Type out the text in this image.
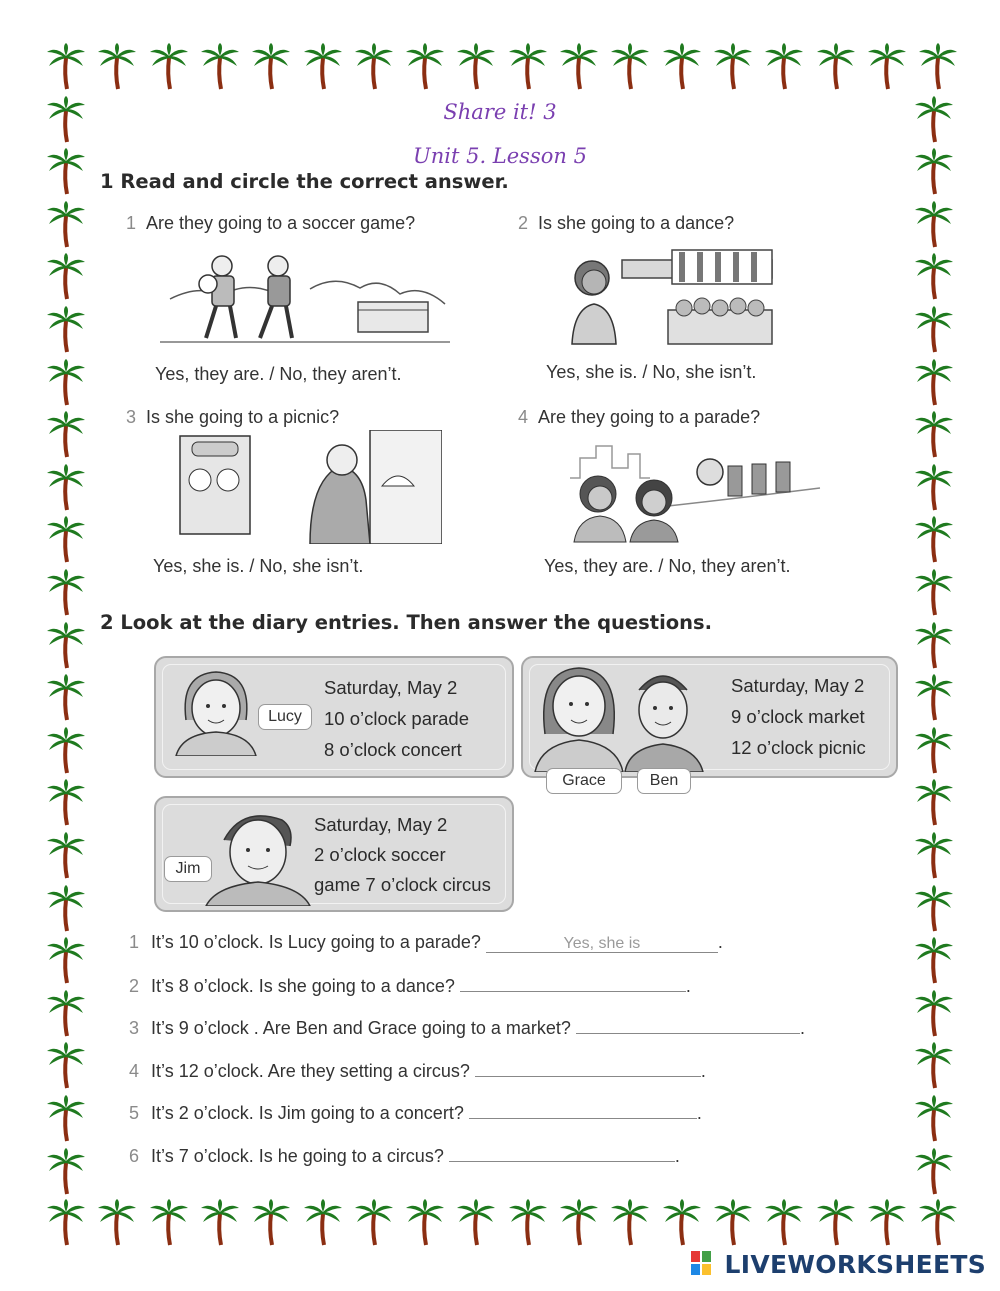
Share it! 3
Unit 5. Lesson 5
1 Read and circle the correct answer.
1 Are they going to a soccer game?	2 Is she going to a dance?
Yes, they are. / No, they aren’t.	Yes, she is. / No, she isn’t.
3 Is she going to a picnic?	4 Are they going to a parade?
Yes, she is. / No, she isn’t.	Yes, they are. / No, they aren’t.
2 Look at the diary entries. Then answer the questions.
Lucy
Saturday, May 2
10 o’clock parade
8 o’clock concert
Saturday, May 2
9 o’clock market
12 o’clock picnic
Grace	Ben
Jim
Saturday, May 2
2 o’clock soccer
game 7 o’clock circus
1 It’s 10 o’clock. Is Lucy going to a parade?	Yes, she is	.
2 It’s 8 o’clock. Is she going to a dance?	.
3 It’s 9 o’clock . Are Ben and Grace going to a market?	.
4 It’s 12 o’clock. Are they setting a circus?	.
5 It’s 2 o’clock. Is Jim going to a concert?	.
6 It’s 7 o’clock. Is he going to a circus?	.
LIVEWORKSHEETS
